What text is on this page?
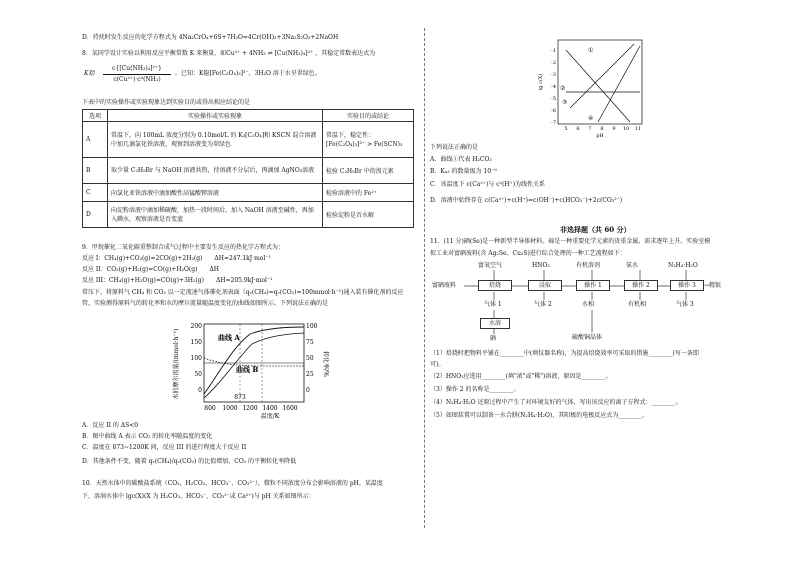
D．持扰时发生反应的化学方程式为 4Na₂CrO₄+6S+7H₂O=4Cr(OH)₃+3Na₂S₂O₃+2NaOH
8．某同学设计实验以利用反应平衡常数 K 来衡量，如Cu²⁺ + 4NH₃ ⇌ [Cu(NH₃)₄]²⁺ ，其稳定常数表达式为
K稳
c{[Cu(NH₃)₄]²⁺}
c(Cu²⁺)·c⁴(NH₃)
。已知：K稳[Fe(C₂O₄)₃]³⁻，3H₂O 溶于水呈翠绿色。
下表中的实验操作或实验现象达到实验目的或得出相应结论的是
选项	实验操作或实验现象	实验目的或结论
A	常温下，向 100mL 浓度分别为 0.10mol/L 的 K₃[C₂O₄]和 KSCN 混合溶液中加几滴氯化铁溶液，观察到溶液变为翠绿色	常温下，稳定性：[Fe(C₂O₄)₃]³⁻ > Fe(SCN)₃
B	取少量 C₂H₅Br 与 NaOH 溶液共热，待溶液不分层后，再滴加 AgNO₃溶液	检验 C₂H₅Br 中的溴元素
C	向氯化亚铁溶液中滴加酸性高锰酸钾溶液	检验溶液中的 Fe²⁺
D	向淀粉溶液中滴加稀硫酸，加热一段时间后，加入 NaOH 溶液至碱性，再加入碘水，观察溶液是否变蓝	检验淀粉是否水解
9．甲烷催化二氧化碳重整制合成气过程中主要发生反应的热化学方程式为：
反应 I：CH₄(g)+CO₂(g)=2CO(g)+2H₂(g)　　ΔH=247.1kJ·mol⁻¹
反应 II：CO₂(g)+H₂(g)=CO(g)+H₂O(g)　　ΔH
反应 III：CH₄(g)+H₂O(g)=CO(g)+3H₂(g)　　ΔH=205.9kJ·mol⁻¹
常压下，将原料气 CH₄ 和 CO₂ 以一定流速气体催化剂表面（qᵥ(CH₄)=qᵥ(CO₂)=100mmol·h⁻¹)通入装有催化剂的反应
管，实验测得原料气的转化率和水的摩尔流量随温度变化的曲线如图所示。下列说法正确的是
800 1000 1200 1400 1600
200
150
100
50
0
100
75
50
25
0
曲线 A
曲线 B
873
温度/K
水的摩尔流量/(mmol·h⁻¹)	转化率/%
A．反应 II 的 ΔS<0
B．图中曲线 A 表示 CO₂ 的转化率随温度的变化
C．温度在 873~1200K 间，反应 III 的进行程度大于反应 II
D．其他条件不变，随着 qᵥ(CH₄)/qᵥ(CO₂) 的比值增加，CO₂ 的平衡转化率降低
10．天然水体中的碳酸盐系统（CO₂、H₂CO₃、HCO₃⁻、CO₃²⁻），微粒不同浓度分布会影响溶液的 pH。某温度
下，溶洞水体中 lgc(X)(X 为 H₂CO₃、HCO₃⁻、CO₃²⁻或 Ca²⁺)与 pH 关系如图所示：
5 6 7 8 9 10 11
-1
-2
-3
-4
-5
-6
-7
①
②
③
④
pH
lg c(X)
下列说法正确的是
A．曲线①代表 H₂CO₃
B．Kₐ₂ 的数量级为 10⁻⁹
C．该温度下 c(Ca²⁺)与 c²(H⁺)为线性关系
D．溶液中始终存在 c(Ca²⁺)+c(H⁺)=c(OH⁻)+c(HCO₃⁻)+2c(CO₃²⁻)
非选择题（共 60 分）
11．(11 分)硒(Se)是一种新型半导体材料。碲是一种重要化学元素的贵重金属，需求逐年上升。实验室模
拟工业对富硒废料(含 Ag₂Se、Cu₂S)进行综合处理的一种工艺流程如下：
富硒废料
富氧空气	HNO₃	有机溶剂	氨水	N₂H₄·H₂O
焙烧	浸取	操作 1	操作 2	操作 3	→精银
气体 1	气体 2	水相	有机相	气体 3
水溶
硒	硫酸铜晶体
（1）焙烧时把物料平铺在________中(填仪器名称)，为提高焙烧效率可采取的措施________(写一条即
可)。
（2）HNO₃应选用________(填"浓"或"稀")溶液，原因是________。
（3）操作 2 的名称是________。
（4）N₂H₄·H₂O 还原过程中产生了对环境友好的气体，写出该反应的离子方程式：________。
（5）如图装置可以制备一水合肼(N₂H₄·H₂O)，其阳极的电极反应式为________。
